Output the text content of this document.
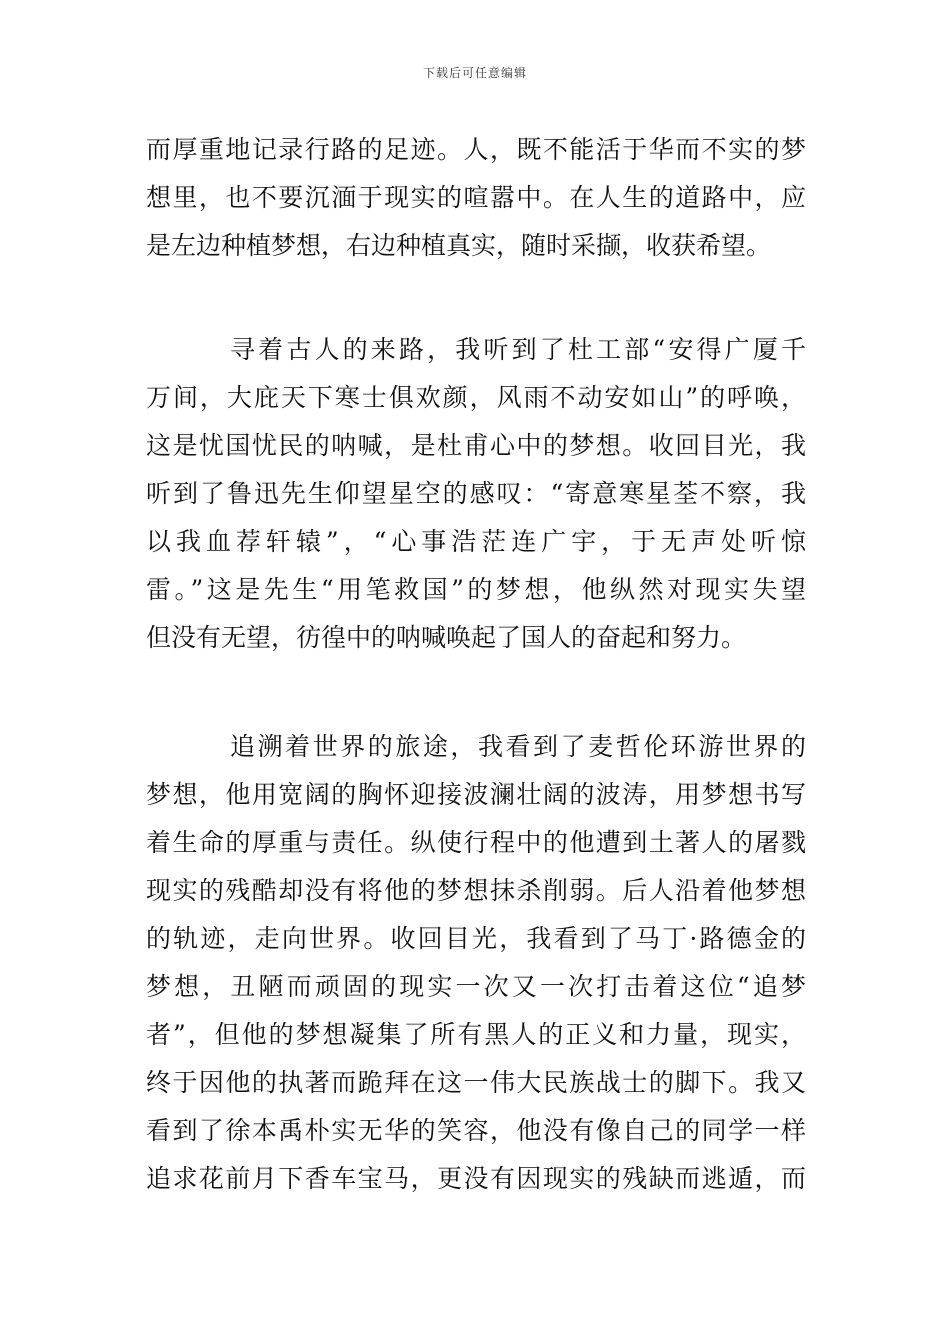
下载后可任意编辑
而厚重地记录行路的足迹。人，既不能活于华而不实的梦
想里，也不要沉湎于现实的喧嚣中。在人生的道路中，应
是左边种植梦想，右边种植真实，随时采撷，收获希望。
寻着古人的来路，我听到了杜工部“安得广厦千
万间，大庇天下寒士俱欢颜，风雨不动安如山”的呼唤，
这是忧国忧民的呐喊，是杜甫心中的梦想。收回目光，我
听到了鲁迅先生仰望星空的感叹：“寄意寒星荃不察，我
以我血荐轩辕”，“心事浩茫连广宇，于无声处听惊
雷。”这是先生“用笔救国”的梦想，他纵然对现实失望
但没有无望，彷徨中的呐喊唤起了国人的奋起和努力。
追溯着世界的旅途，我看到了麦哲伦环游世界的
梦想，他用宽阔的胸怀迎接波澜壮阔的波涛，用梦想书写
着生命的厚重与责任。纵使行程中的他遭到土著人的屠戮
现实的残酷却没有将他的梦想抹杀削弱。后人沿着他梦想
的轨迹，走向世界。收回目光，我看到了马丁·路德金的
梦想，丑陋而顽固的现实一次又一次打击着这位“追梦
者”，但他的梦想凝集了所有黑人的正义和力量，现实，
终于因他的执著而跪拜在这一伟大民族战士的脚下。我又
看到了徐本禹朴实无华的笑容，他没有像自己的同学一样
追求花前月下香车宝马，更没有因现实的残缺而逃遁，而
